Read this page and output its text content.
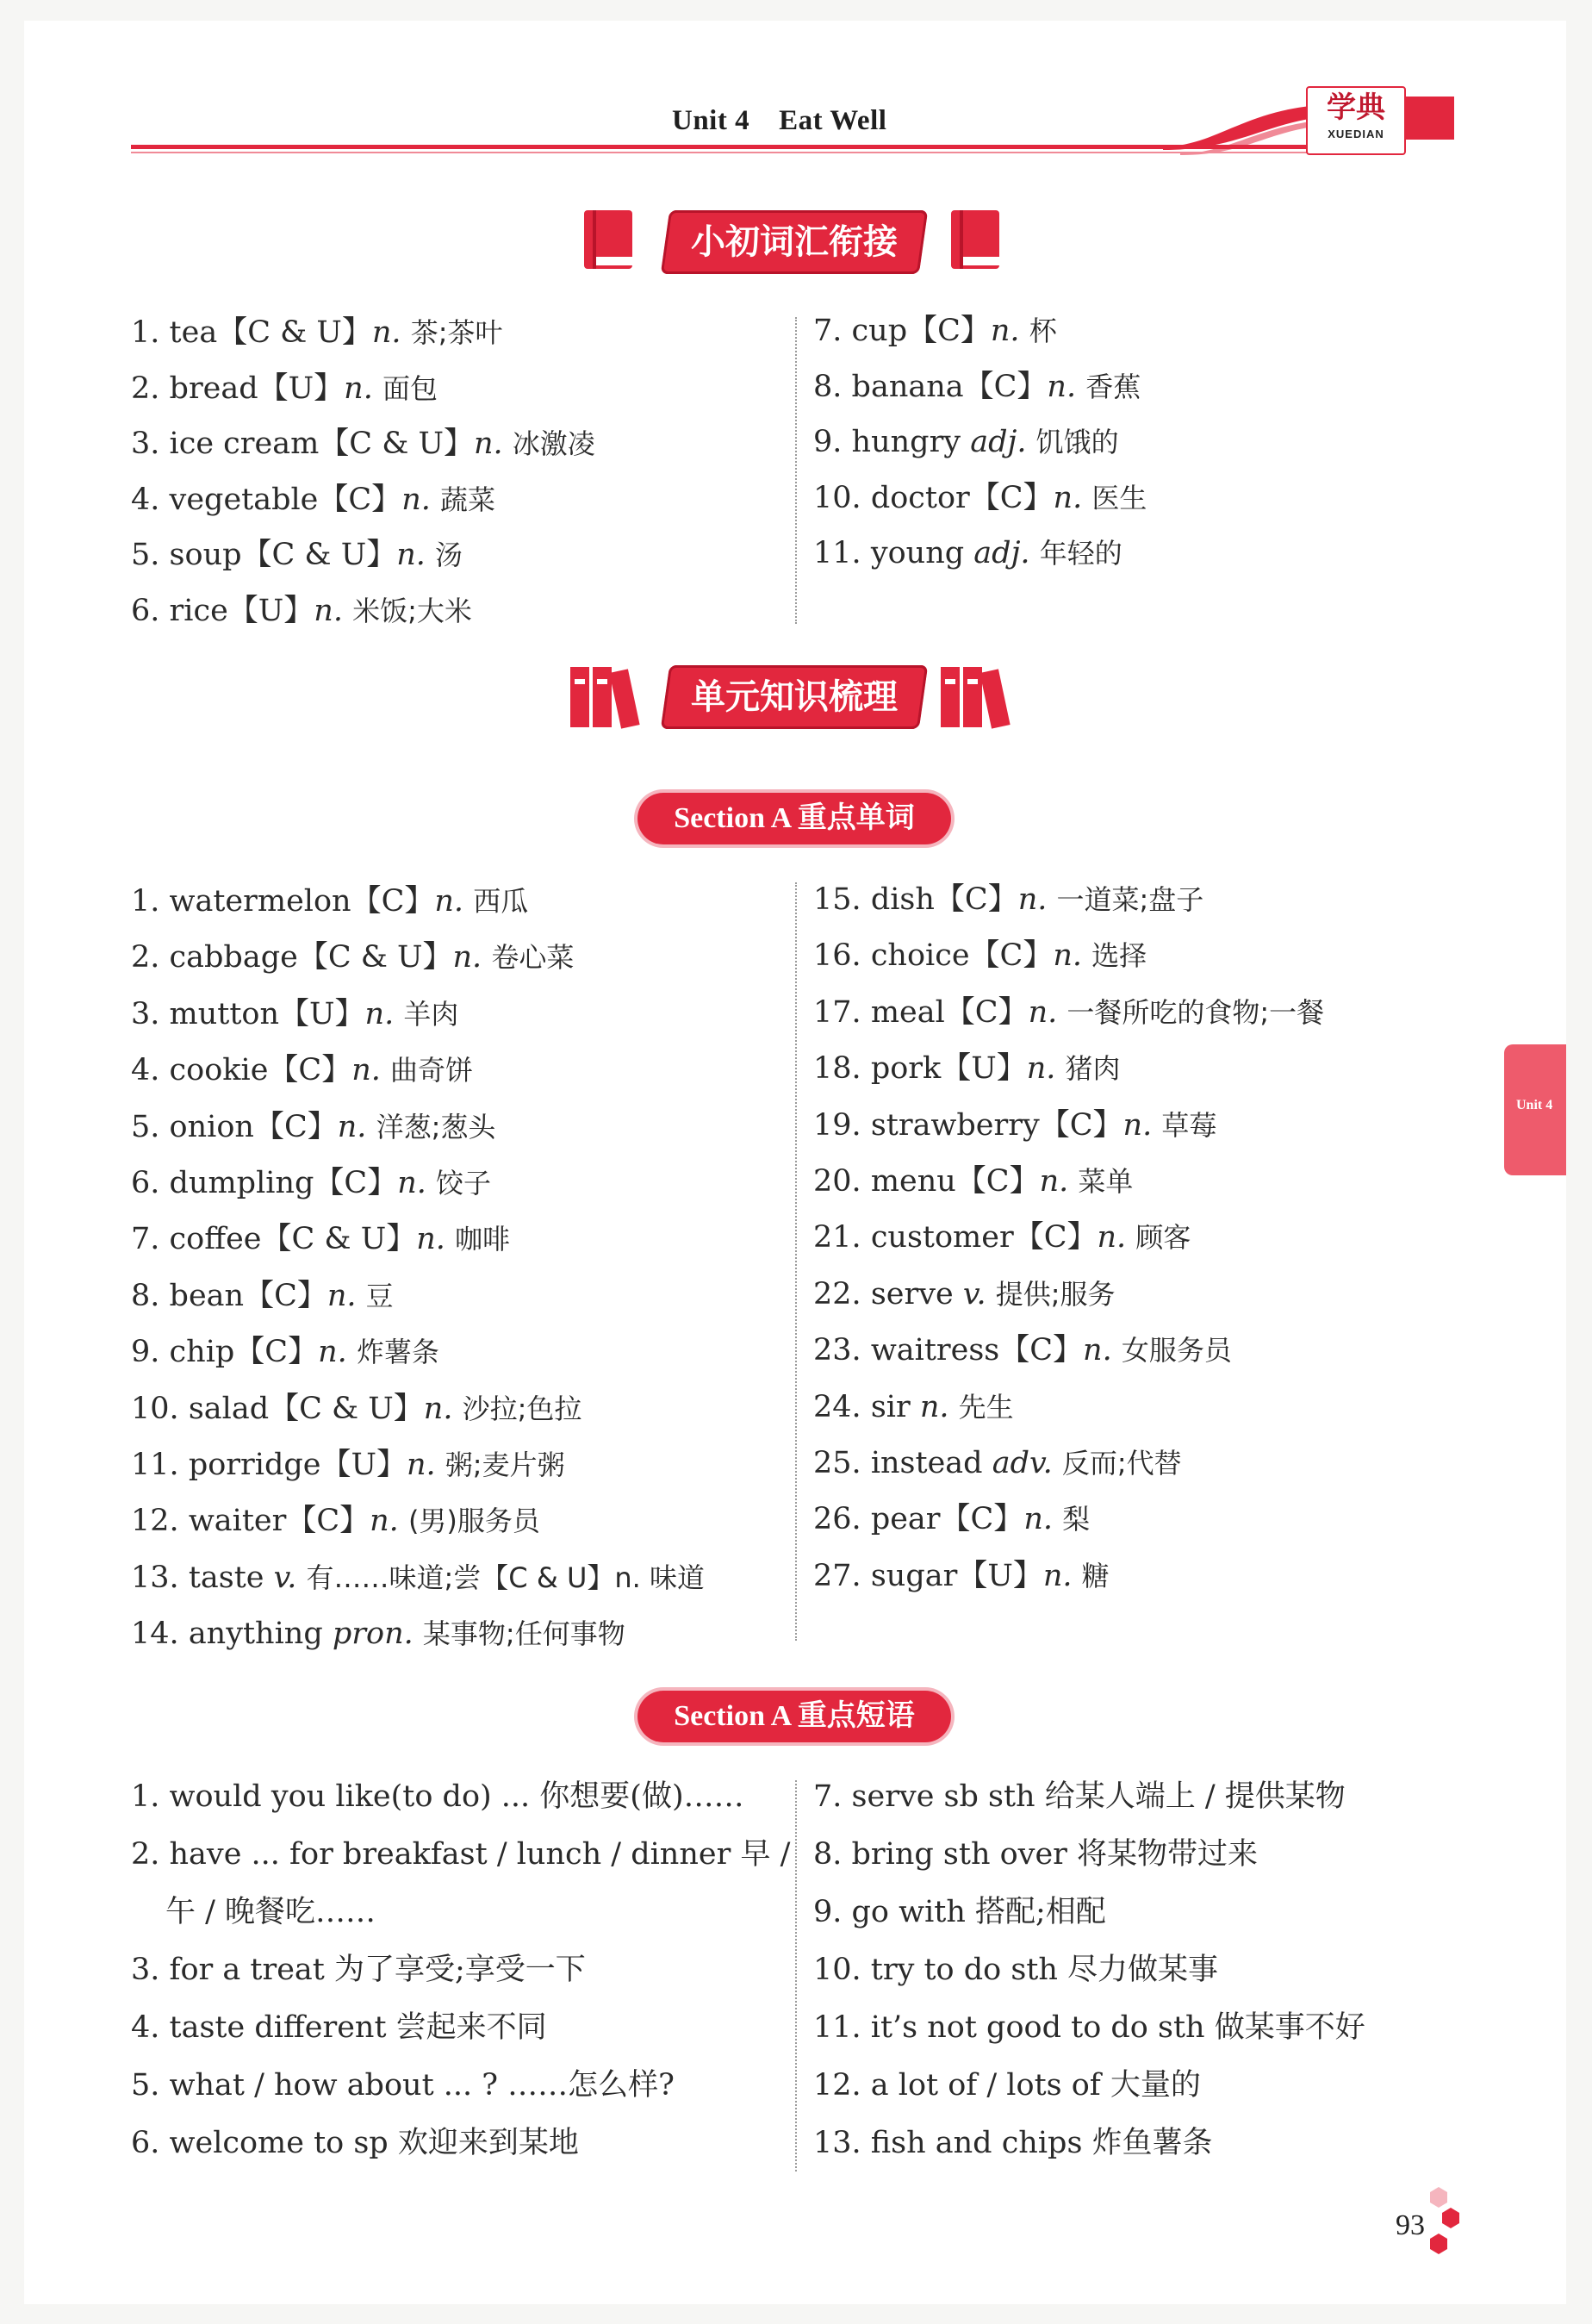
Unit 4 Eat Well	学典
XUEDIAN
小初词汇衔接
1. tea【C & U】n. 茶;茶叶
2. bread【U】n. 面包
3. ice cream【C & U】n. 冰激凌
4. vegetable【C】n. 蔬菜
5. soup【C & U】n. 汤
6. rice【U】n. 米饭;大米
7. cup【C】n. 杯
8. banana【C】n. 香蕉
9. hungry adj. 饥饿的
10. doctor【C】n. 医生
11. young adj. 年轻的
单元知识梳理
Section A 重点单词
1. watermelon【C】n. 西瓜
2. cabbage【C & U】n. 卷心菜
3. mutton【U】n. 羊肉
4. cookie【C】n. 曲奇饼
5. onion【C】n. 洋葱;葱头
6. dumpling【C】n. 饺子
7. coffee【C & U】n. 咖啡
8. bean【C】n. 豆
9. chip【C】n. 炸薯条
10. salad【C & U】n. 沙拉;色拉
11. porridge【U】n. 粥;麦片粥
12. waiter【C】n. (男)服务员
13. taste v. 有……味道;尝【C & U】n. 味道
14. anything pron. 某事物;任何事物
15. dish【C】n. 一道菜;盘子
16. choice【C】n. 选择
17. meal【C】n. 一餐所吃的食物;一餐
18. pork【U】n. 猪肉
19. strawberry【C】n. 草莓
20. menu【C】n. 菜单
21. customer【C】n. 顾客
22. serve v. 提供;服务
23. waitress【C】n. 女服务员
24. sir n. 先生
25. instead adv. 反而;代替
26. pear【C】n. 梨
27. sugar【U】n. 糖
Section A 重点短语
1. would you like(to do) ... 你想要(做)……
2. have ... for breakfast / lunch / dinner 早 /
午 / 晚餐吃……
3. for a treat 为了享受;享受一下
4. taste different 尝起来不同
5. what / how about ... ? ……怎么样?
6. welcome to sp 欢迎来到某地
7. serve sb sth 给某人端上 / 提供某物
8. bring sth over 将某物带过来
9. go with 搭配;相配
10. try to do sth 尽力做某事
11. it’s not good to do sth 做某事不好
12. a lot of / lots of 大量的
13. fish and chips 炸鱼薯条
Unit 4
93
